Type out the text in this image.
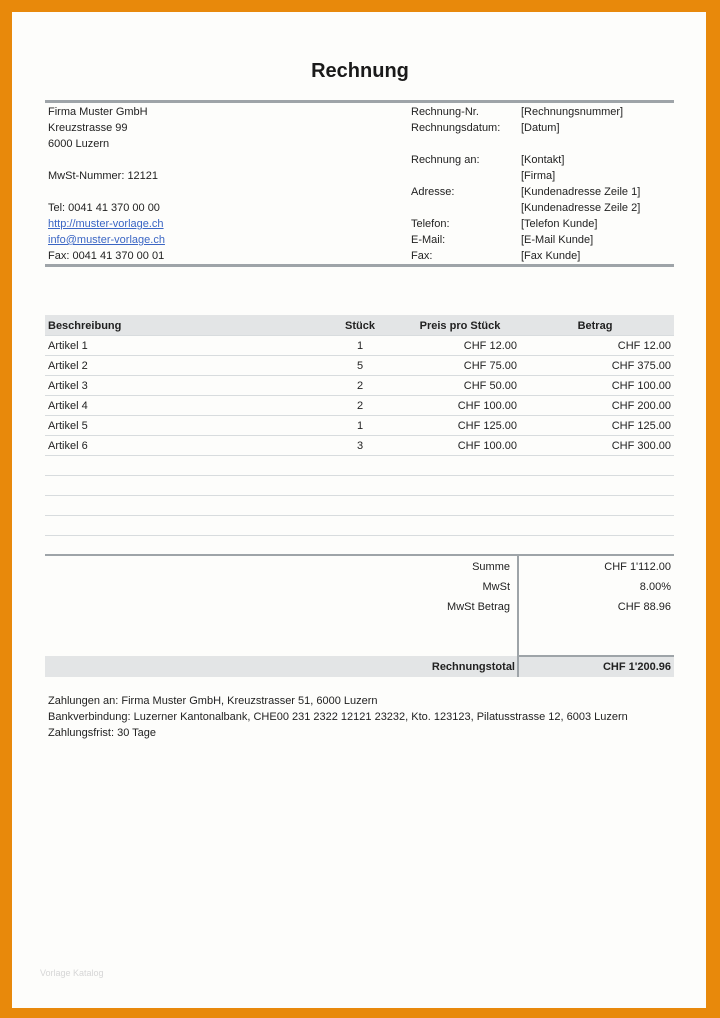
Rechnung
Firma Muster GmbH
Kreuzstrasse 99
6000 Luzern
MwSt-Nummer: 12121
Tel: 0041 41 370 00 00
http://muster-vorlage.ch
info@muster-vorlage.ch
Fax: 0041 41 370 00 01
Rechnung-Nr.	[Rechnungsnummer]
Rechnungsdatum: [Datum]
Rechnung an:	[Kontakt]
[Firma]
Adresse:	[Kundenadresse Zeile 1]
[Kundenadresse Zeile 2]
Telefon:	[Telefon Kunde]
E-Mail:	[E-Mail Kunde]
Fax:	[Fax Kunde]
Beschreibung	Stück	Preis pro Stück	Betrag
Artikel 1	1	CHF 12.00	CHF 12.00
Artikel 2	5	CHF 75.00	CHF 375.00
Artikel 3	2	CHF 50.00	CHF 100.00
Artikel 4	2	CHF 100.00	CHF 200.00
Artikel 5	1	CHF 125.00	CHF 125.00
Artikel 6	3	CHF 100.00	CHF 300.00
Summe	CHF 1'112.00
MwSt	8.00%
MwSt Betrag	CHF 88.96
Rechnungstotal	CHF 1'200.96
Zahlungen an: Firma Muster GmbH, Kreuzstrasser 51, 6000 Luzern
Bankverbindung: Luzerner Kantonalbank, CHE00 231 2322 12121 23232, Kto. 123123, Pilatusstrasse 12, 6003 Luzern
Zahlungsfrist: 30 Tage
Vorlage Katalog
